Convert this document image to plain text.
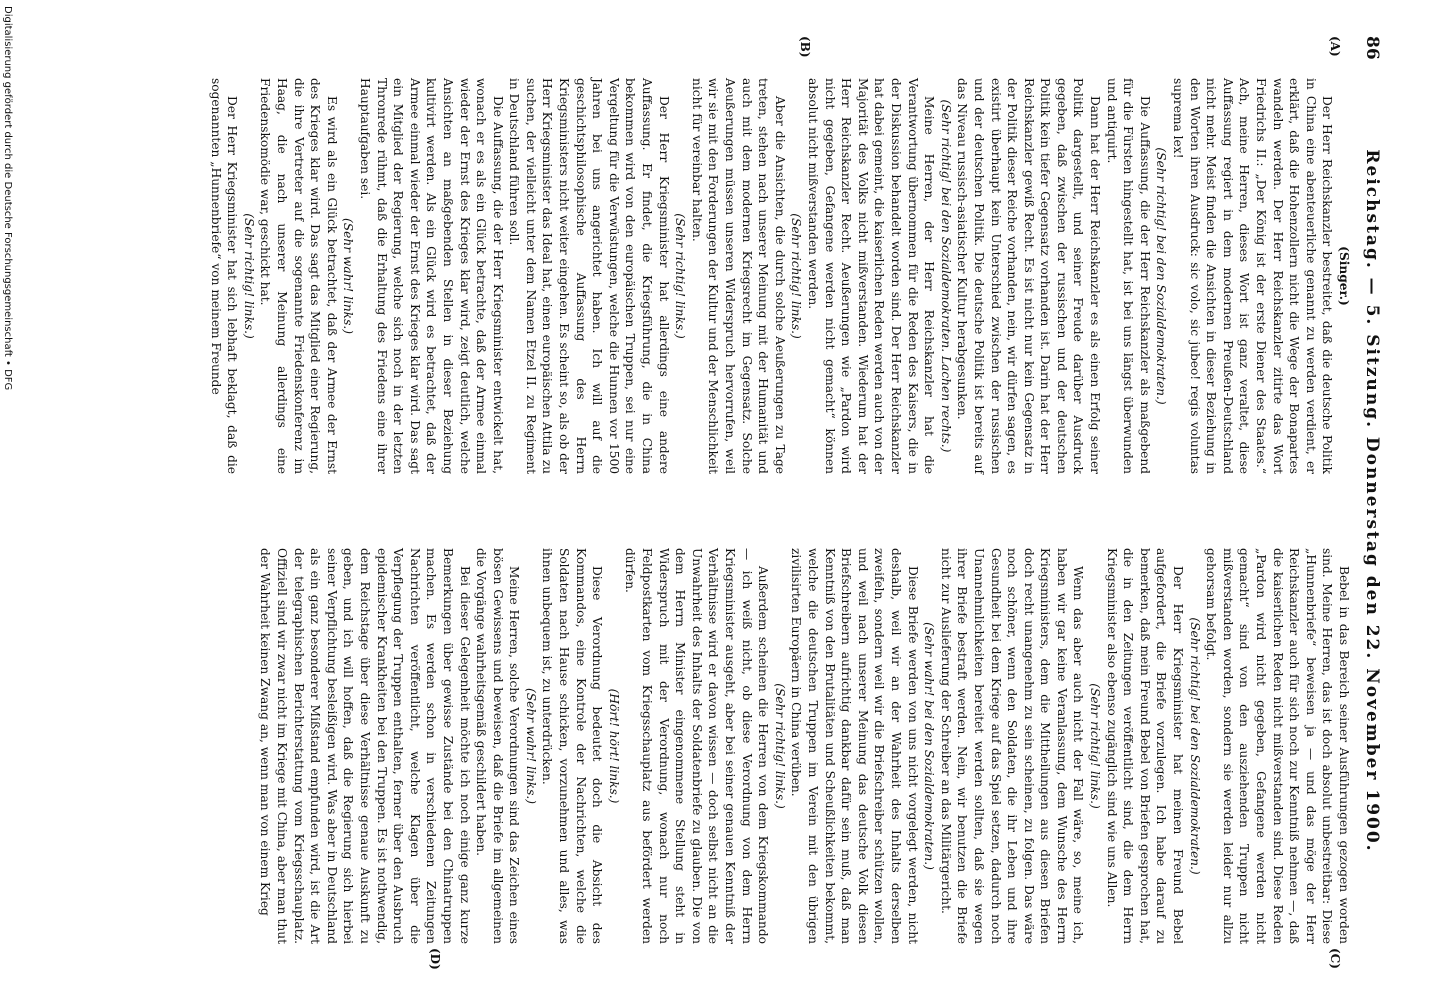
86
Reichstag. — 5. Sitzung. Donnerstag den 22. November 1900.
(A)
(B)
(C)
(D)

(Singer.)

Der Herr Reichskanzler bestreitet, daß die deutsche Politik in China eine abenteuerliche genannt zu werden verdient, er erklärt, daß die Hohenzollern nicht die Wege der Bonapartes wandeln werden. Der Herr Reichskanzler zitirte das Wort Friedrichs II.: „Der König ist der erste Diener des Staates.“ Ach, meine Herren, dieses Wort ist ganz veraltet, diese Auffassung regiert in dem modernen Preußen-Deutschland nicht mehr. Meist finden die Ansichten in dieser Beziehung in den Worten ihren Ausdruck: sic volo, sic jubeo! regis voluntas suprema lex!

(Sehr richtig! bei den Sozialdemokraten.)

Die Auffassung, die der Herr Reichskanzler als maßgebend für die Fürsten hingestellt hat, ist bei uns längst überwunden und antiquirt.

Dann hat der Herr Reichskanzler es als einen Erfolg seiner Politik dargestellt, und seiner Freude darüber Ausdruck gegeben, daß zwischen der russischen und der deutschen Politik kein tiefer Gegensatz vorhanden ist. Darin hat der Herr Reichskanzler gewiß Recht. Es ist nicht nur kein Gegensatz in der Politik dieser Reiche vorhanden, nein, wir dürfen sagen, es existirt überhaupt kein Unterschied zwischen der russischen und der deutschen Politik. Die deutsche Politik ist bereits auf das Niveau russisch-asiatischer Kultur herabgesunken.

(Sehr richtig! bei den Sozialdemokraten. Lachen rechts.)

Meine Herren, der Herr Reichskanzler hat die Verantwortung übernommen für die Reden des Kaisers, die in der Diskussion behandelt worden sind. Der Herr Reichskanzler hat dabei gemeint, die kaiserlichen Reden werden auch von der Majorität des Volks nicht mißverstanden. Wiederum hat der Herr Reichskanzler Recht. Aeußerungen wie „Pardon wird nicht gegeben, Gefangene werden nicht gemacht“ können absolut nicht mißverstanden werden.

(Sehr richtig! links.)

Aber die Ansichten, die durch solche Aeußerungen zu Tage treten, stehen nach unserer Meinung mit der Humanität und auch mit dem modernen Kriegsrecht im Gegensatz. Solche Aeußerungen müssen unseren Widerspruch hervorrufen, weil wir sie mit den Forderungen der Kultur und der Menschlichkeit nicht für vereinbar halten.

(Sehr richtig! links.)

Der Herr Kriegsminister hat allerdings eine andere Auffassung. Er findet, die Kriegsführung, die in China bekommen wird von den europäischen Truppen, sei nur eine Vergeltung für die Verwüstungen, welche die Hunnen vor 1500 Jahren bei uns angerichtet haben. Ich will auf die geschichtsphilosophische Auffassung des Herrn Kriegsministers nicht weiter eingehen. Es scheint so, als ob der Herr Kriegsminister das Ideal hat, einen europäischen Attila zu suchen, der vielleicht unter dem Namen Etzel II. zu Regiment in Deutschland führen soll.

Die Auffassung, die der Herr Kriegsminister entwickelt hat, wonach er es als ein Glück betrachte, daß der Armee einmal wieder der Ernst des Krieges klar wird, zeigt deutlich, welche Ansichten an maßgebenden Stellen in dieser Beziehung kultivirt werden. Als ein Glück wird es betrachtet, daß der Armee einmal wieder der Ernst des Krieges klar wird. Das sagt ein Mitglied der Regierung, welche sich noch in der letzten Thronrede rühmt, daß die Erhaltung des Friedens eine ihrer Hauptaufgaben sei.

(Sehr wahr! links.)

Es wird als ein Glück betrachtet, daß der Armee der Ernst des Krieges klar wird. Das sagt das Mitglied einer Regierung, die ihre Vertreter auf die sogenannte Friedenskonferenz im Haag, die nach unserer Meinung allerdings eine Friedenskomödie war, geschickt hat.

(Sehr richtig! links.)

Der Herr Kriegsminister hat sich lebhaft beklagt, daß die sogenannten „Hunnenbriefe“ von meinem Freunde

Bebel in das Bereich seiner Ausführungen gezogen worden sind. Meine Herren, das ist doch absolut unbestreitbar: Diese „Hunnenbriefe“ beweisen ja — und das möge der Herr Reichskanzler auch für sich noch zur Kenntniß nehmen —, daß die kaiserlichen Reden nicht mißverstanden sind. Diese Reden „Pardon wird nicht gegeben, Gefangene werden nicht gemacht“ sind von den ausziehenden Truppen nicht mißverstanden worden, sondern sie werden leider nur allzu gehorsam befolgt.

(Sehr richtig! bei den Sozialdemokraten.)

Der Herr Kriegsminister hat meinen Freund Bebel aufgefordert, die Briefe vorzulegen. Ich habe darauf zu bemerken, daß mein Freund Bebel von Briefen gesprochen hat, die in den Zeitungen veröffentlicht sind, die dem Herrn Kriegsminister also ebenso zugänglich sind wie uns Allen.

(Sehr richtig! links.)

Wenn das aber auch nicht der Fall wäre, so, meine ich, haben wir gar keine Veranlassung, dem Wunsche des Herrn Kriegsministers, dem die Mittheilungen aus diesen Briefen doch recht unangenehm zu sein scheinen, zu folgen. Das wäre noch schöner, wenn den Soldaten, die ihr Leben und ihre Gesundheit bei dem Kriege auf das Spiel setzen, dadurch noch Unannehmlichkeiten bereitet werden sollten, daß sie wegen ihrer Briefe bestraft werden. Nein, wir benutzen die Briefe nicht zur Auslieferung der Schreiber an das Militärgericht.

(Sehr wahr! bei den Sozialdemokraten.)

Diese Briefe werden von uns nicht vorgelegt werden, nicht deshalb, weil wir an der Wahrheit des Inhalts derselben zweifeln, sondern weil wir die Briefschreiber schützen wollen, und weil nach unserer Meinung das deutsche Volk diesen Briefschreibern aufrichtig dankbar dafür sein muß, daß man Kenntniß von den Brutalitäten und Scheußlichkeiten bekommt, welche die deutschen Truppen im Verein mit den übrigen zivilisirten Europäern in China verüben.

(Sehr richtig! links.)

Außerdem scheinen die Herren von dem Kriegskommando — ich weiß nicht, ob diese Verordnung von dem Herrn Kriegsminister ausgeht, aber bei seiner genauen Kenntniß der Verhältnisse wird er davon wissen — doch selbst nicht an die Unwahrheit des Inhalts der Soldatenbriefe zu glauben. Die von dem Herrn Minister eingenommene Stellung steht in Widerspruch mit der Verordnung, wonach nur noch Feldpostkarten vom Kriegsschauplatz aus befördert werden dürfen.

(Hört! hört! links.)

Diese Verordnung bedeutet doch die Absicht des Kommandos, eine Kontrole der Nachrichten, welche die Soldaten nach Hause schicken, vorzunehmen und alles, was ihnen unbequem ist, zu unterdrücken.

(Sehr wahr! links.)

Meine Herren, solche Verordnungen sind das Zeichen eines bösen Gewissens und beweisen, daß die Briefe im allgemeinen die Vorgänge wahrheitsgemäß geschildert haben.

Bei dieser Gelegenheit möchte ich noch einige ganz kurze Bemerkungen über gewisse Zustände bei den Chinatruppen machen. Es werden schon in verschiedenen Zeitungen Nachrichten veröffentlicht, welche Klagen über die Verpflegung der Truppen enthalten, ferner über den Ausbruch epidemischer Krankheiten bei den Truppen. Es ist nothwendig, dem Reichstage über diese Verhältnisse genaue Auskunft zu geben, und ich will hoffen, daß die Regierung sich hierbei seiner Verpflichtung besleißigen wird. Was aber in Deutschland als ein ganz besonderer Mißstand empfunden wird, ist die Art der telegraphischen Berichterstattung vom Kriegsschauplatz. Offiziell sind wir zwar nicht im Kriege mit China, aber man thut der Wahrheit keinen Zwang an, wenn man von einem Krieg

Digitalisierung gefördert durch die Deutsche Forschungsgemeinschaft • DFG
